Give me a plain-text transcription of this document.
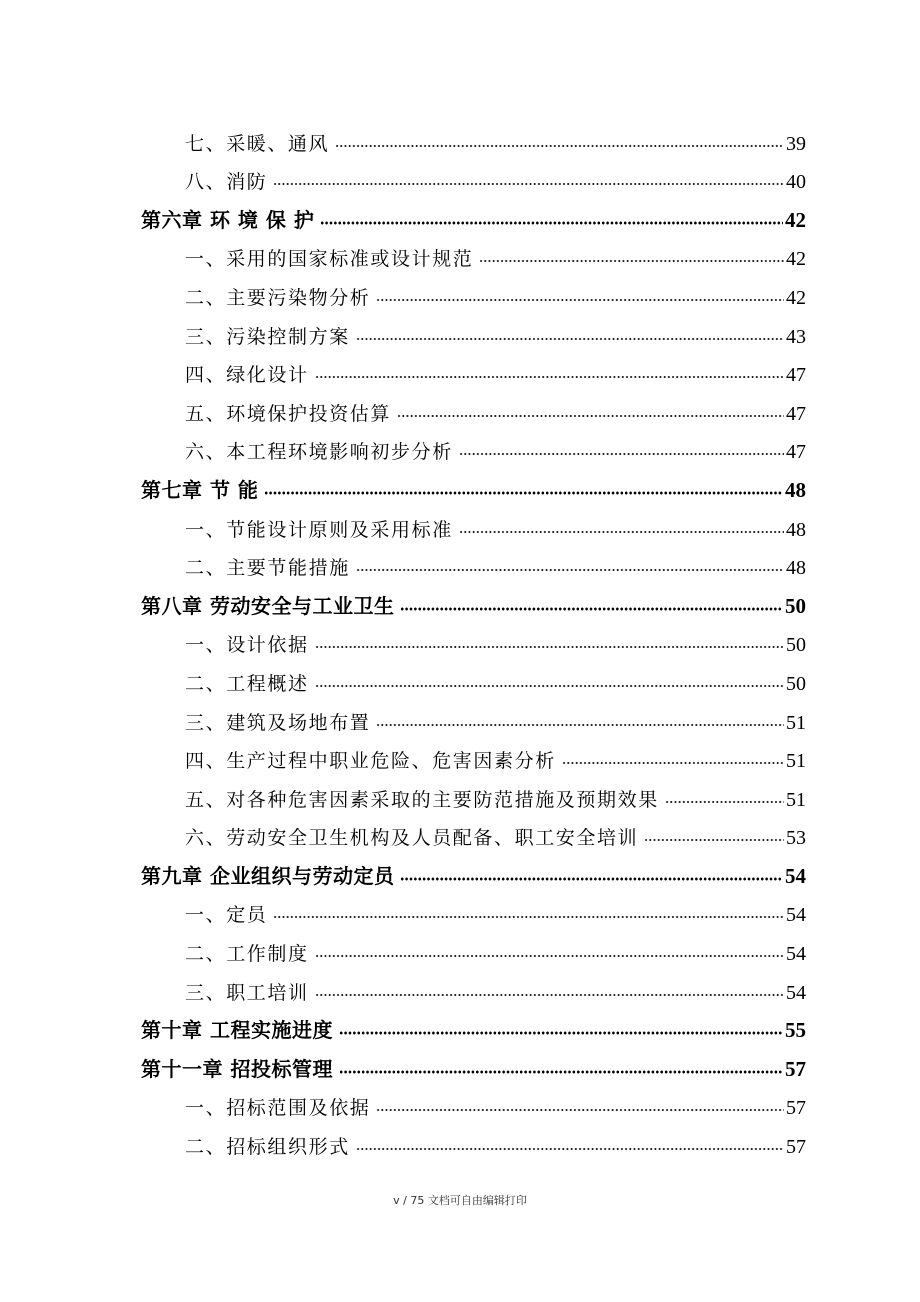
七、采暖、通风	39
八、消防	40
第六章 环 境 保 护	42
一、采用的国家标准或设计规范	42
二、主要污染物分析	42
三、污染控制方案	43
四、绿化设计	47
五、环境保护投资估算	47
六、本工程环境影响初步分析	47
第七章 节 能	48
一、节能设计原则及采用标准	48
二、主要节能措施	48
第八章 劳动安全与工业卫生	50
一、设计依据	50
二、工程概述	50
三、建筑及场地布置	51
四、生产过程中职业危险、危害因素分析	51
五、对各种危害因素采取的主要防范措施及预期效果	51
六、劳动安全卫生机构及人员配备、职工安全培训	53
第九章 企业组织与劳动定员	54
一、定员	54
二、工作制度	54
三、职工培训	54
第十章 工程实施进度	55
第十一章 招投标管理	57
一、招标范围及依据	57
二、招标组织形式	57
v / 75 文档可自由编辑打印
